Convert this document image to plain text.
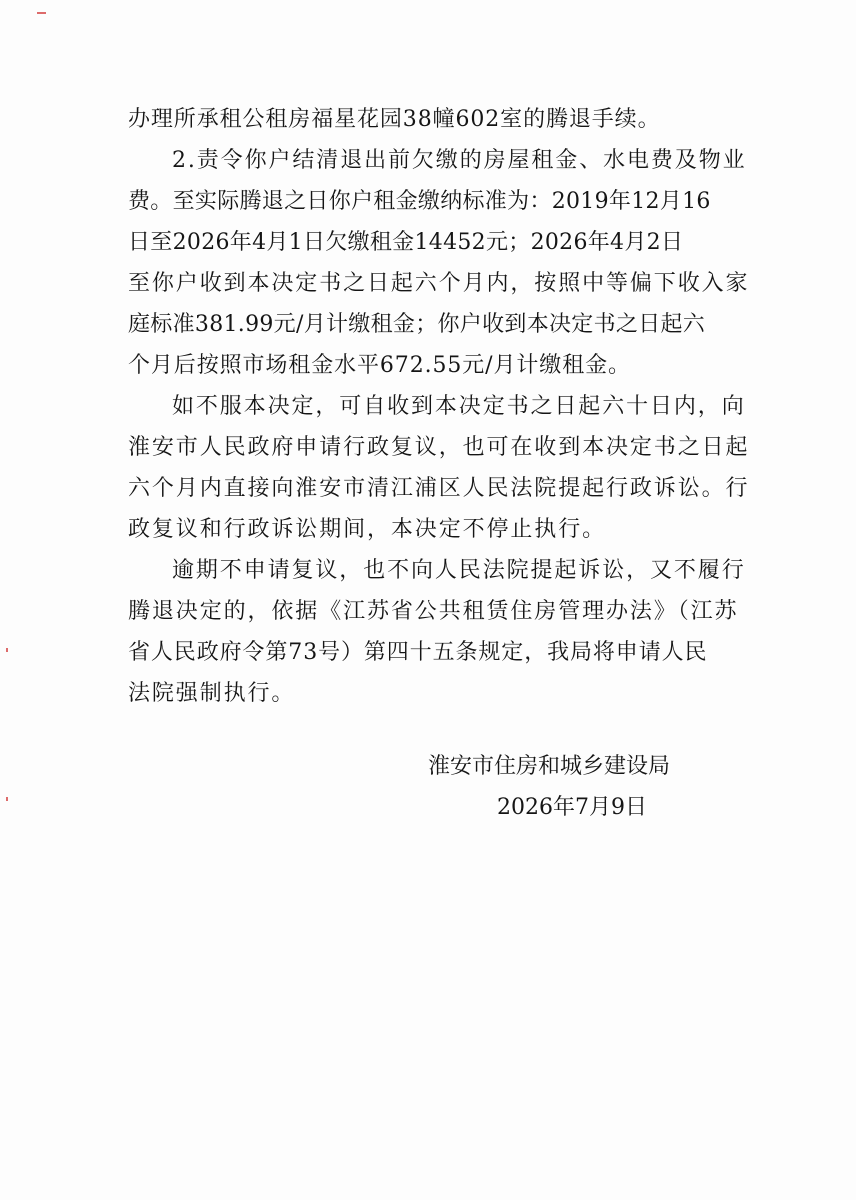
办理所承租公租房福星花园38幢602室的腾退手续。

2.责令你户结清退出前欠缴的房屋租金、水电费及物业

费。至实际腾退之日你户租金缴纳标准为：2019年12月16

日至2026年4月1日欠缴租金14452元；2026年4月2日

至你户收到本决定书之日起六个月内，按照中等偏下收入家

庭标准381.99元/月计缴租金；你户收到本决定书之日起六

个月后按照市场租金水平672.55元/月计缴租金。

如不服本决定，可自收到本决定书之日起六十日内，向

淮安市人民政府申请行政复议，也可在收到本决定书之日起

六个月内直接向淮安市清江浦区人民法院提起行政诉讼。行

政复议和行政诉讼期间，本决定不停止执行。

逾期不申请复议，也不向人民法院提起诉讼，又不履行

腾退决定的，依据《江苏省公共租赁住房管理办法》（江苏

省人民政府令第73号）第四十五条规定，我局将申请人民

法院强制执行。

淮安市住房和城乡建设局

2026年7月9日
